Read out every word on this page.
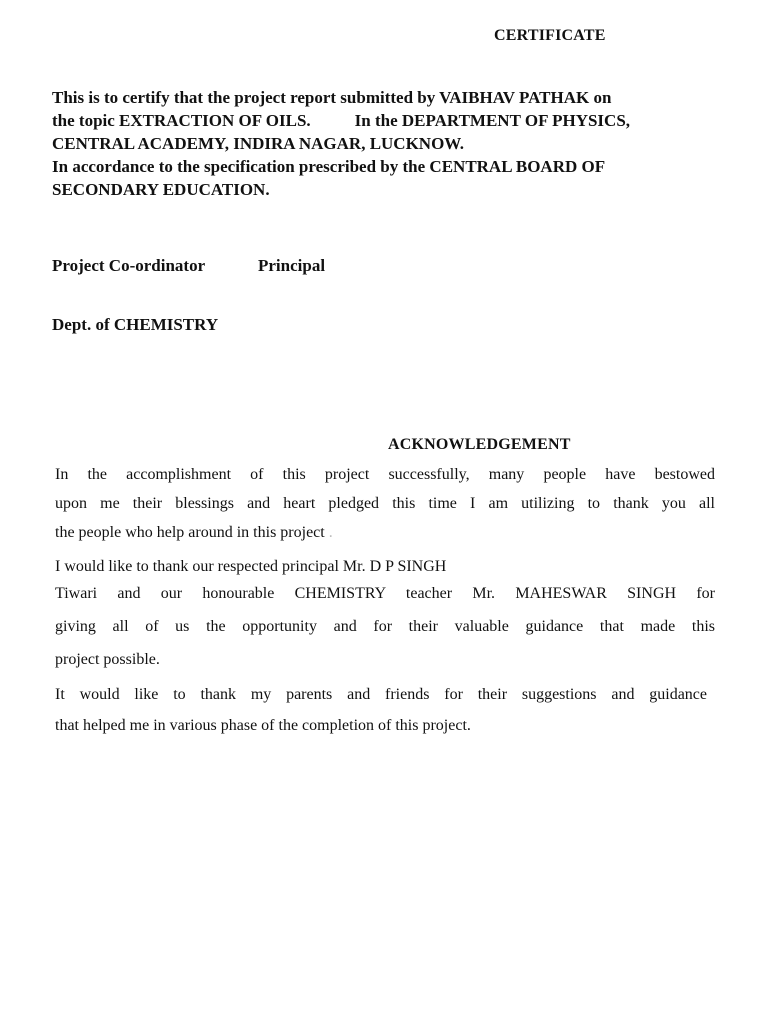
CERTIFICATE
This is to certify that the project report submitted by VAIBHAV PATHAK on
the topic EXTRACTION OF OILS.	In the DEPARTMENT OF PHYSICS,
CENTRAL ACADEMY, INDIRA NAGAR, LUCKNOW.
In accordance to the specification prescribed by the CENTRAL BOARD OF
SECONDARY EDUCATION.
Project Co-ordinator	Principal
Dept. of CHEMISTRY
ACKNOWLEDGEMENT
In the accomplishment of this project successfully, many people have bestowed
upon me their blessings and heart pledged this time I am utilizing to thank you all
the people who help around in this project .
I would like to thank our respected principal Mr. D P SINGH
Tiwari and our honourable CHEMISTRY teacher Mr. MAHESWAR SINGH for
giving all of us the opportunity and for their valuable guidance that made this
project possible.
It would like to thank my parents and friends for their suggestions and guidance
that helped me in various phase of the completion of this project.
